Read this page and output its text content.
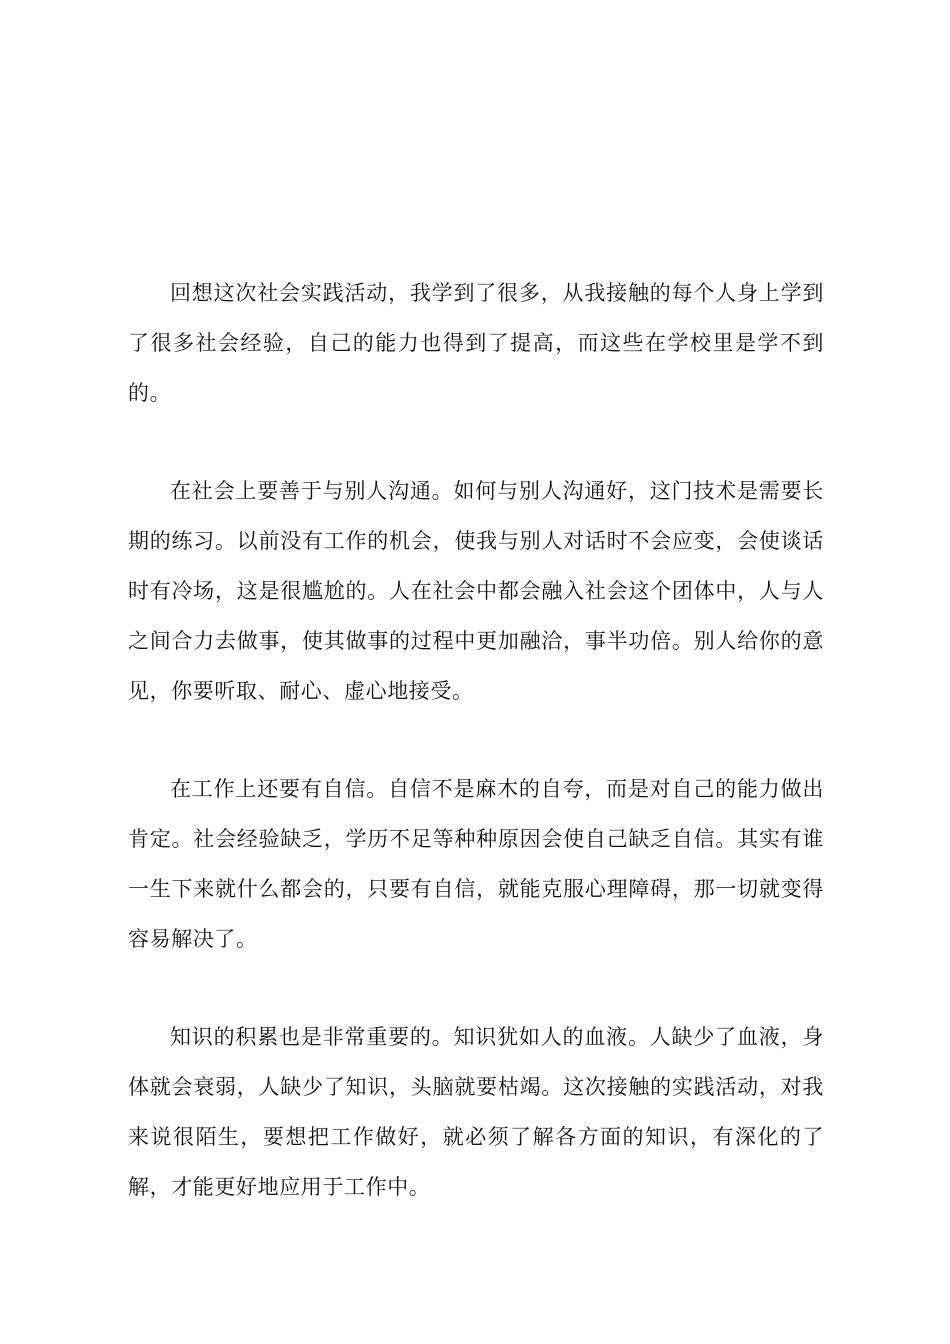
回想这次社会实践活动，我学到了很多，从我接触的每个人身上学到了很多社会经验，自己的能力也得到了提高，而这些在学校里是学不到的。

在社会上要善于与别人沟通。如何与别人沟通好，这门技术是需要长期的练习。以前没有工作的机会，使我与别人对话时不会应变，会使谈话时有冷场，这是很尴尬的。人在社会中都会融入社会这个团体中，人与人之间合力去做事，使其做事的过程中更加融洽，事半功倍。别人给你的意见，你要听取、耐心、虚心地接受。

在工作上还要有自信。自信不是麻木的自夸，而是对自己的能力做出肯定。社会经验缺乏，学历不足等种种原因会使自己缺乏自信。其实有谁一生下来就什么都会的，只要有自信，就能克服心理障碍，那一切就变得容易解决了。

知识的积累也是非常重要的。知识犹如人的血液。人缺少了血液，身体就会衰弱，人缺少了知识，头脑就要枯竭。这次接触的实践活动，对我来说很陌生，要想把工作做好，就必须了解各方面的知识，有深化的了解，才能更好地应用于工作中。
